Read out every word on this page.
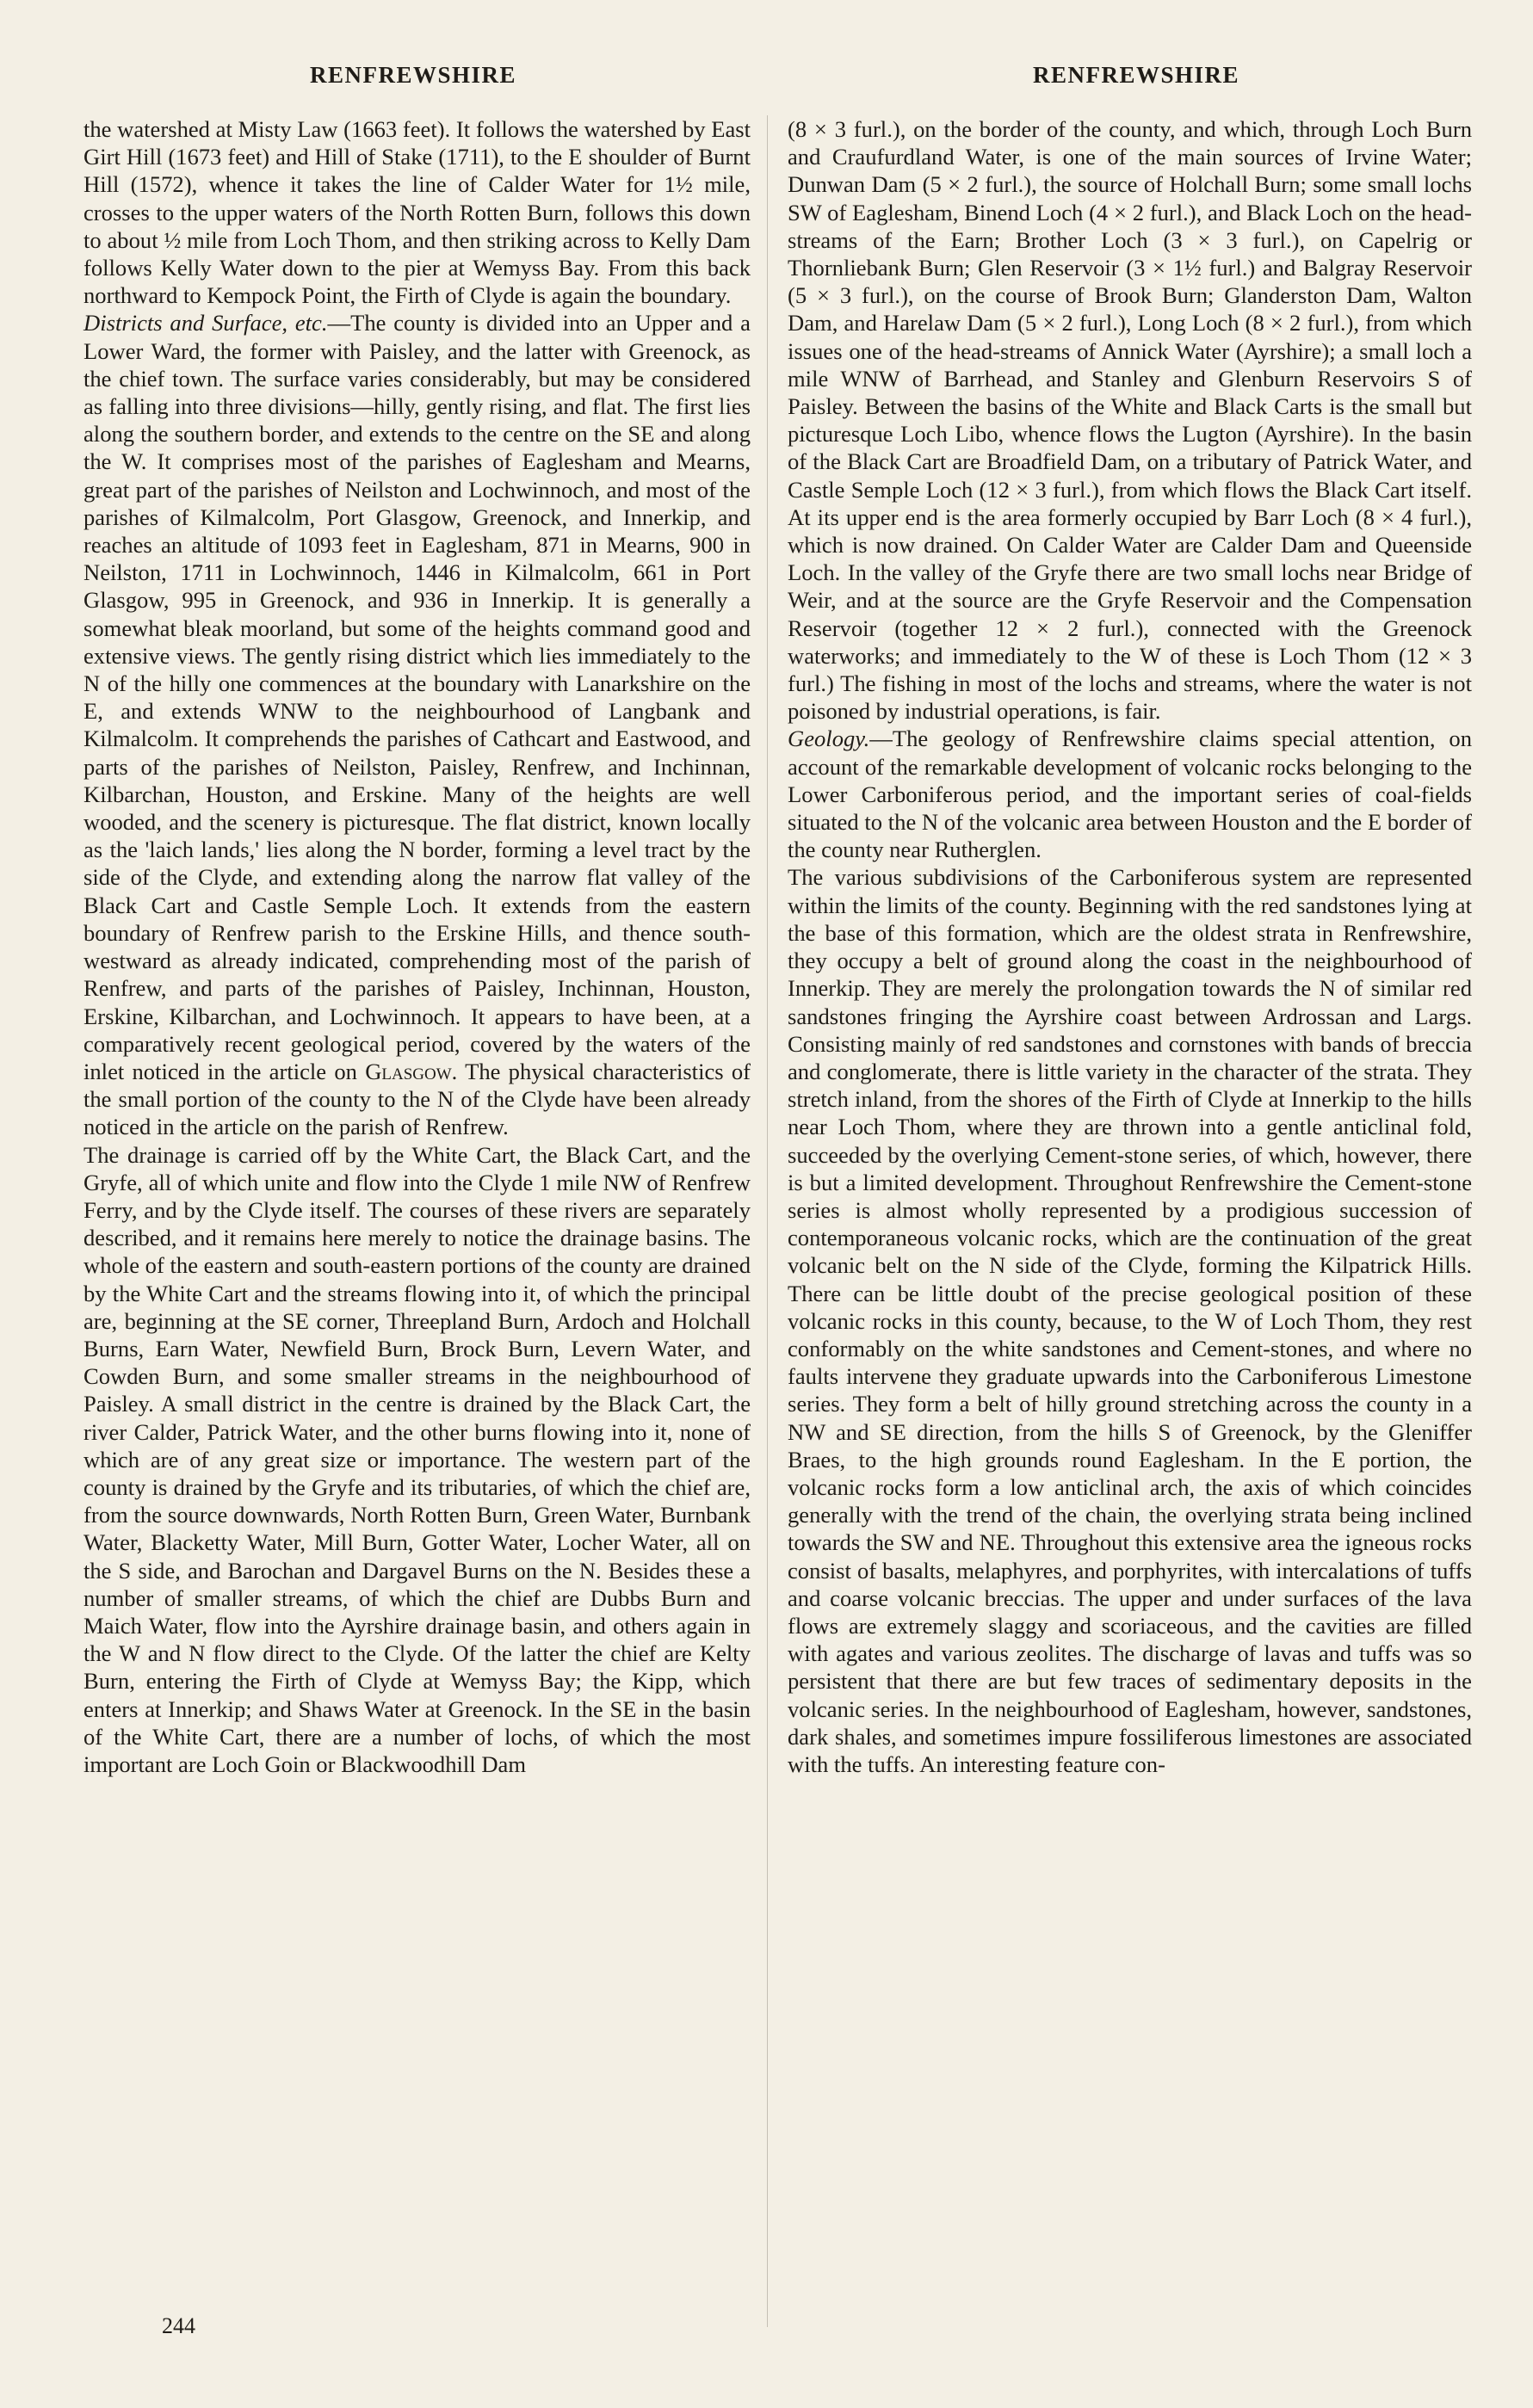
RENFREWSHIRE	RENFREWSHIRE

the watershed at Misty Law (1663 feet). It follows the watershed by East Girt Hill (1673 feet) and Hill of Stake (1711), to the E shoulder of Burnt Hill (1572), whence it takes the line of Calder Water for 1½ mile, crosses to the upper waters of the North Rotten Burn, follows this down to about ½ mile from Loch Thom, and then striking across to Kelly Dam follows Kelly Water down to the pier at Wemyss Bay. From this back northward to Kempock Point, the Firth of Clyde is again the boundary.

Districts and Surface, etc.—The county is divided into an Upper and a Lower Ward, the former with Paisley, and the latter with Greenock, as the chief town. The surface varies considerably, but may be considered as falling into three divisions—hilly, gently rising, and flat. The first lies along the southern border, and extends to the centre on the SE and along the W. It comprises most of the parishes of Eaglesham and Mearns, great part of the parishes of Neilston and Lochwinnoch, and most of the parishes of Kilmalcolm, Port Glasgow, Greenock, and Innerkip, and reaches an altitude of 1093 feet in Eaglesham, 871 in Mearns, 900 in Neilston, 1711 in Lochwinnoch, 1446 in Kilmalcolm, 661 in Port Glasgow, 995 in Greenock, and 936 in Innerkip. It is generally a somewhat bleak moorland, but some of the heights command good and extensive views. The gently rising district which lies immediately to the N of the hilly one commences at the boundary with Lanarkshire on the E, and extends WNW to the neighbourhood of Langbank and Kilmalcolm. It comprehends the parishes of Cathcart and Eastwood, and parts of the parishes of Neilston, Paisley, Renfrew, and Inchinnan, Kilbarchan, Houston, and Erskine. Many of the heights are well wooded, and the scenery is picturesque. The flat district, known locally as the 'laich lands,' lies along the N border, forming a level tract by the side of the Clyde, and extending along the narrow flat valley of the Black Cart and Castle Semple Loch. It extends from the eastern boundary of Renfrew parish to the Erskine Hills, and thence south-westward as already indicated, comprehending most of the parish of Renfrew, and parts of the parishes of Paisley, Inchinnan, Houston, Erskine, Kilbarchan, and Lochwinnoch. It appears to have been, at a comparatively recent geological period, covered by the waters of the inlet noticed in the article on Glasgow. The physical characteristics of the small portion of the county to the N of the Clyde have been already noticed in the article on the parish of Renfrew.

The drainage is carried off by the White Cart, the Black Cart, and the Gryfe, all of which unite and flow into the Clyde 1 mile NW of Renfrew Ferry, and by the Clyde itself. The courses of these rivers are separately described, and it remains here merely to notice the drainage basins. The whole of the eastern and south-eastern portions of the county are drained by the White Cart and the streams flowing into it, of which the principal are, beginning at the SE corner, Threepland Burn, Ardoch and Holchall Burns, Earn Water, Newfield Burn, Brock Burn, Levern Water, and Cowden Burn, and some smaller streams in the neighbourhood of Paisley. A small district in the centre is drained by the Black Cart, the river Calder, Patrick Water, and the other burns flowing into it, none of which are of any great size or importance. The western part of the county is drained by the Gryfe and its tributaries, of which the chief are, from the source downwards, North Rotten Burn, Green Water, Burnbank Water, Blacketty Water, Mill Burn, Gotter Water, Locher Water, all on the S side, and Barochan and Dargavel Burns on the N. Besides these a number of smaller streams, of which the chief are Dubbs Burn and Maich Water, flow into the Ayrshire drainage basin, and others again in the W and N flow direct to the Clyde. Of the latter the chief are Kelty Burn, entering the Firth of Clyde at Wemyss Bay; the Kipp, which enters at Innerkip; and Shaws Water at Greenock. In the SE in the basin of the White Cart, there are a number of lochs, of which the most important are Loch Goin or Blackwoodhill Dam

(8 × 3 furl.), on the border of the county, and which, through Loch Burn and Craufurdland Water, is one of the main sources of Irvine Water; Dunwan Dam (5 × 2 furl.), the source of Holchall Burn; some small lochs SW of Eaglesham, Binend Loch (4 × 2 furl.), and Black Loch on the head-streams of the Earn; Brother Loch (3 × 3 furl.), on Capelrig or Thornliebank Burn; Glen Reservoir (3 × 1½ furl.) and Balgray Reservoir (5 × 3 furl.), on the course of Brook Burn; Glanderston Dam, Walton Dam, and Harelaw Dam (5 × 2 furl.), Long Loch (8 × 2 furl.), from which issues one of the head-streams of Annick Water (Ayrshire); a small loch a mile WNW of Barrhead, and Stanley and Glenburn Reservoirs S of Paisley. Between the basins of the White and Black Carts is the small but picturesque Loch Libo, whence flows the Lugton (Ayrshire). In the basin of the Black Cart are Broadfield Dam, on a tributary of Patrick Water, and Castle Semple Loch (12 × 3 furl.), from which flows the Black Cart itself. At its upper end is the area formerly occupied by Barr Loch (8 × 4 furl.), which is now drained. On Calder Water are Calder Dam and Queenside Loch. In the valley of the Gryfe there are two small lochs near Bridge of Weir, and at the source are the Gryfe Reservoir and the Compensation Reservoir (together 12 × 2 furl.), connected with the Greenock waterworks; and immediately to the W of these is Loch Thom (12 × 3 furl.) The fishing in most of the lochs and streams, where the water is not poisoned by industrial operations, is fair.

Geology.—The geology of Renfrewshire claims special attention, on account of the remarkable development of volcanic rocks belonging to the Lower Carboniferous period, and the important series of coal-fields situated to the N of the volcanic area between Houston and the E border of the county near Rutherglen.

The various subdivisions of the Carboniferous system are represented within the limits of the county. Beginning with the red sandstones lying at the base of this formation, which are the oldest strata in Renfrewshire, they occupy a belt of ground along the coast in the neighbourhood of Innerkip. They are merely the prolongation towards the N of similar red sandstones fringing the Ayrshire coast between Ardrossan and Largs. Consisting mainly of red sandstones and cornstones with bands of breccia and conglomerate, there is little variety in the character of the strata. They stretch inland, from the shores of the Firth of Clyde at Innerkip to the hills near Loch Thom, where they are thrown into a gentle anticlinal fold, succeeded by the overlying Cement-stone series, of which, however, there is but a limited development. Throughout Renfrewshire the Cement-stone series is almost wholly represented by a prodigious succession of contemporaneous volcanic rocks, which are the continuation of the great volcanic belt on the N side of the Clyde, forming the Kilpatrick Hills. There can be little doubt of the precise geological position of these volcanic rocks in this county, because, to the W of Loch Thom, they rest conformably on the white sandstones and Cement-stones, and where no faults intervene they graduate upwards into the Carboniferous Limestone series. They form a belt of hilly ground stretching across the county in a NW and SE direction, from the hills S of Greenock, by the Gleniffer Braes, to the high grounds round Eaglesham. In the E portion, the volcanic rocks form a low anticlinal arch, the axis of which coincides generally with the trend of the chain, the overlying strata being inclined towards the SW and NE. Throughout this extensive area the igneous rocks consist of basalts, melaphyres, and porphyrites, with intercalations of tuffs and coarse volcanic breccias. The upper and under surfaces of the lava flows are extremely slaggy and scoriaceous, and the cavities are filled with agates and various zeolites. The discharge of lavas and tuffs was so persistent that there are but few traces of sedimentary deposits in the volcanic series. In the neighbourhood of Eaglesham, however, sandstones, dark shales, and sometimes impure fossiliferous limestones are associated with the tuffs. An interesting feature con-

244
